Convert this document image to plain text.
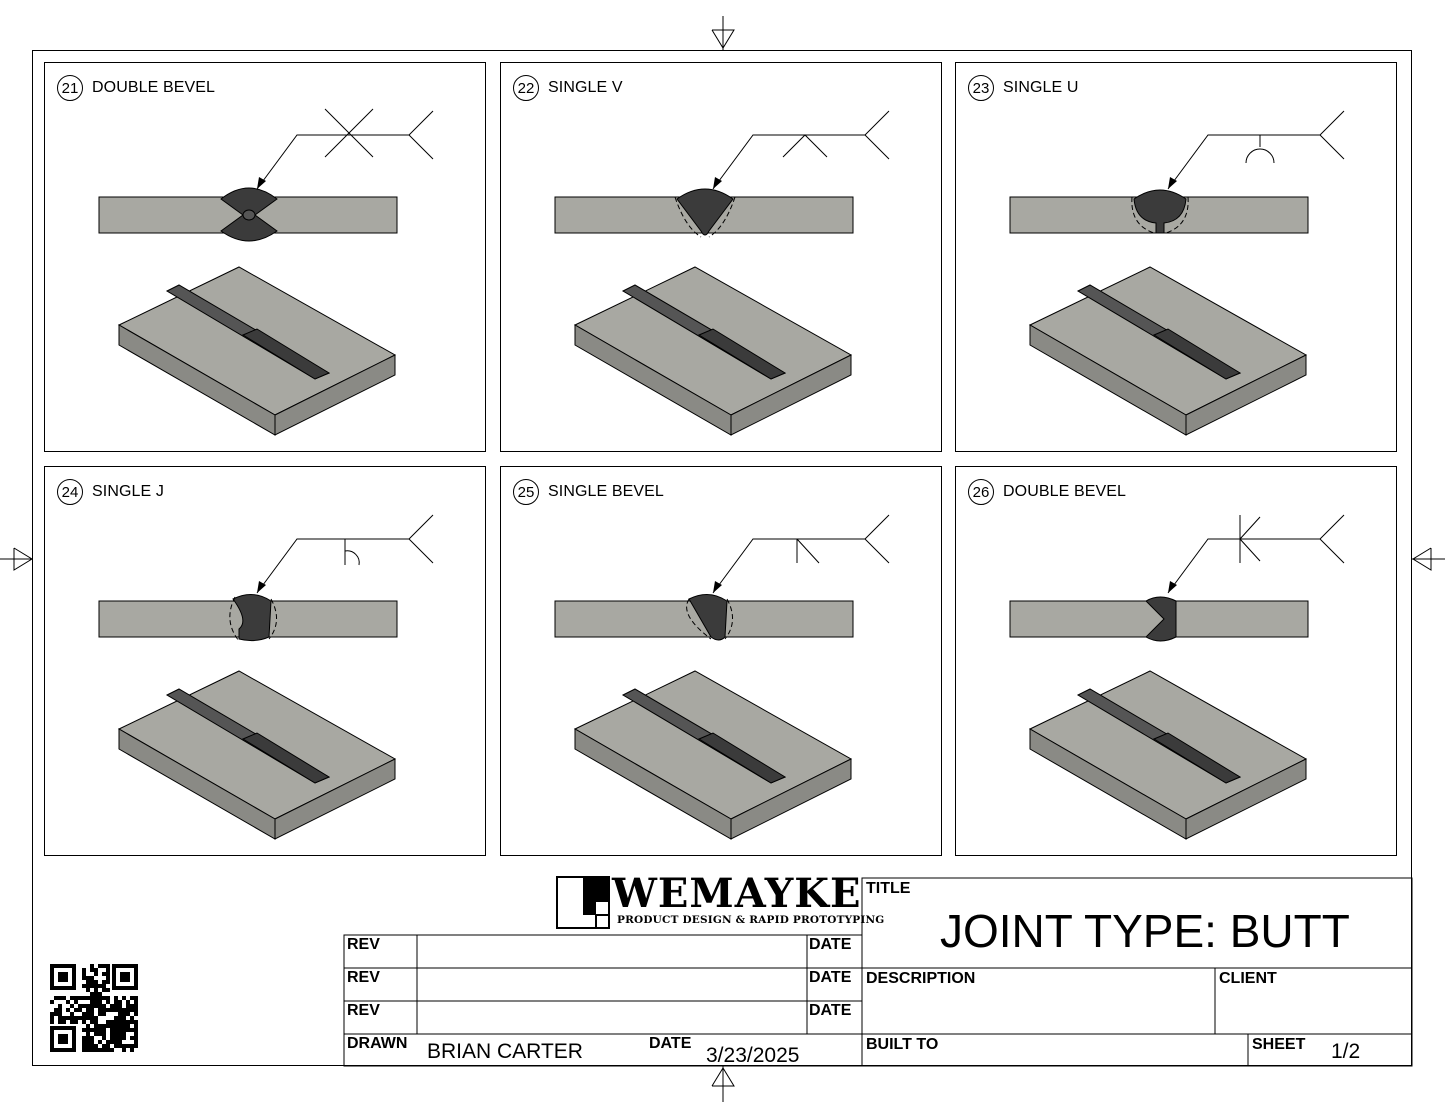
21 DOUBLE BEVEL	22 SINGLE V	23 SINGLE U
24 SINGLE J	25 SINGLE BEVEL	26 DOUBLE BEVEL
WEMAYKE
PRODUCT DESIGN & RAPID PROTOTYPING
TITLE
JOINT TYPE: BUTT
DESCRIPTION	CLIENT
BUILT TO	SHEET 1/2
REV	DATE
REV	DATE
REV	DATE
DRAWN BRIAN CARTER	DATE
3/23/2025
